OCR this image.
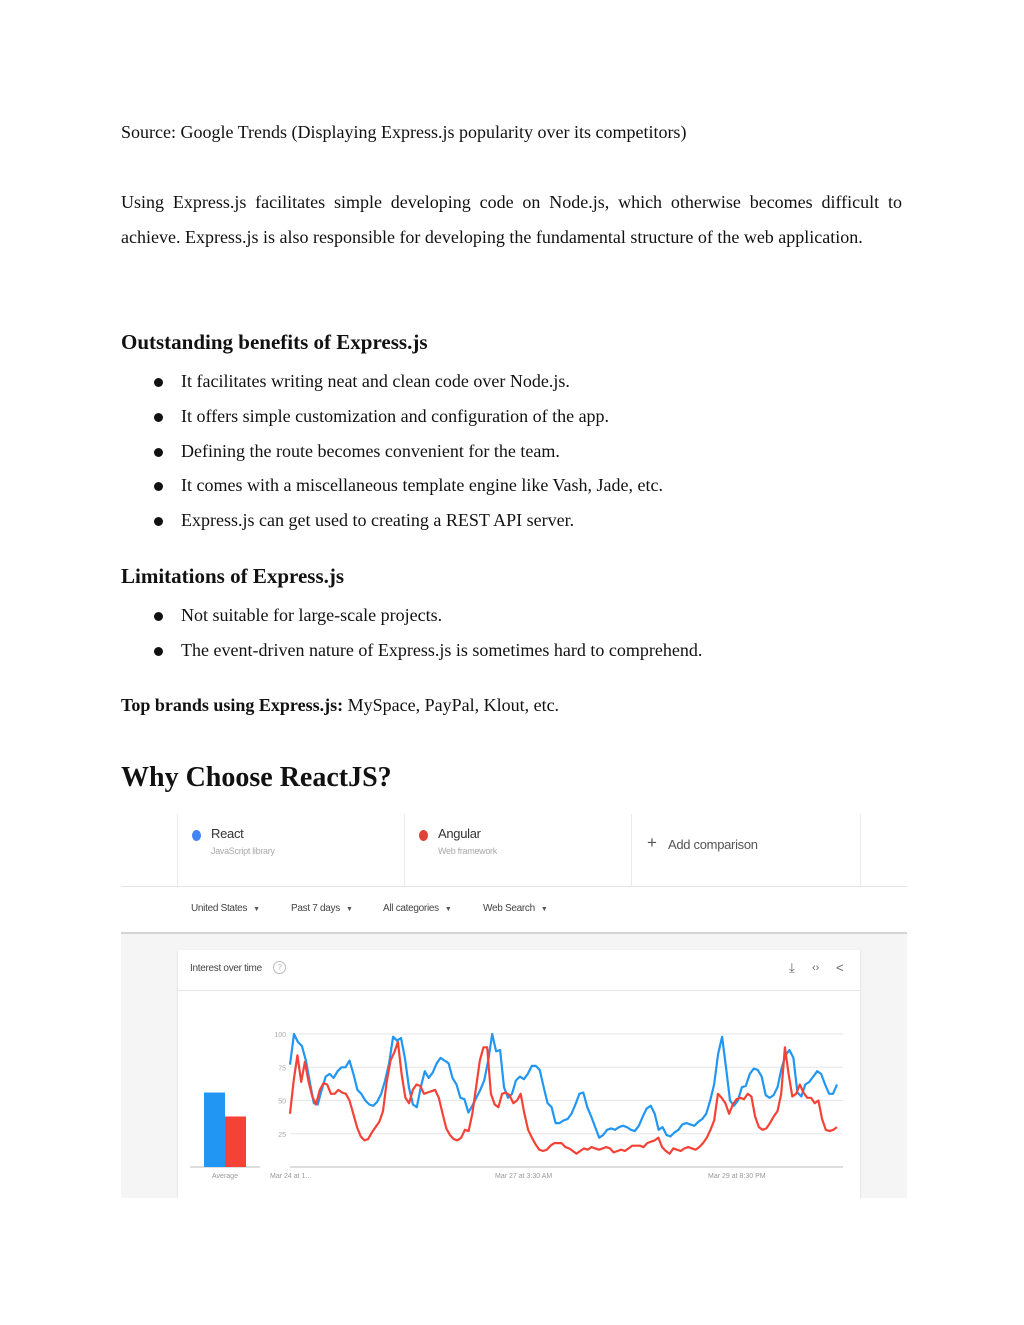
Source: Google Trends (Displaying Express.js popularity over its competitors)

Using Express.js facilitates simple developing code on Node.js, which otherwise becomes difficult to achieve. Express.js is also responsible for developing the fundamental structure of the web application.

Outstanding benefits of Express.js
It facilitates writing neat and clean code over Node.js.
It offers simple customization and configuration of the app.
Defining the route becomes convenient for the team.
It comes with a miscellaneous template engine like Vash, Jade, etc.
Express.js can get used to creating a REST API server.
Limitations of Express.js
Not suitable for large-scale projects.
The event-driven nature of Express.js is sometimes hard to comprehend.

Top brands using Express.js: MySpace, PayPal, Klout, etc.

Why Choose ReactJS?
React
JavaScript library
Angular
Web framework	+ Add comparison
United States ▼	Past 7 days ▼	All categories ▼	Web Search ▼
Interest over time	?	⤓ ‹› <
25
50
75
100
Average	Mar 24 at 1...	Mar 27 at 3:30 AM	Mar 29 at 8:30 PM
